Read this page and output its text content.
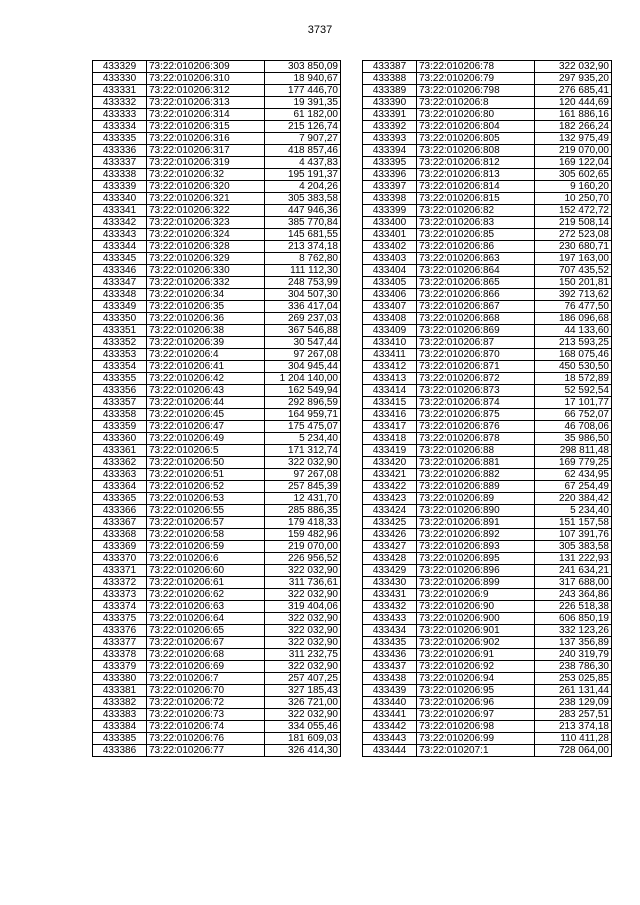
3737
433329	73:22:010206:309	303 850,09
433330	73:22:010206:310	18 940,67
433331	73:22:010206:312	177 446,70
433332	73:22:010206:313	19 391,35
433333	73:22:010206:314	61 182,00
433334	73:22:010206:315	215 126,74
433335	73:22:010206:316	7 907,27
433336	73:22:010206:317	418 857,46
433337	73:22:010206:319	4 437,83
433338	73:22:010206:32	195 191,37
433339	73:22:010206:320	4 204,26
433340	73:22:010206:321	305 383,58
433341	73:22:010206:322	447 946,36
433342	73:22:010206:323	385 770,84
433343	73:22:010206:324	145 681,55
433344	73:22:010206:328	213 374,18
433345	73:22:010206:329	8 762,80
433346	73:22:010206:330	111 112,30
433347	73:22:010206:332	248 753,99
433348	73:22:010206:34	304 507,30
433349	73:22:010206:35	336 417,04
433350	73:22:010206:36	269 237,03
433351	73:22:010206:38	367 546,88
433352	73:22:010206:39	30 547,44
433353	73:22:010206:4	97 267,08
433354	73:22:010206:41	304 945,44
433355	73:22:010206:42	1 204 140,00
433356	73:22:010206:43	162 549,94
433357	73:22:010206:44	292 896,59
433358	73:22:010206:45	164 959,71
433359	73:22:010206:47	175 475,07
433360	73:22:010206:49	5 234,40
433361	73:22:010206:5	171 312,74
433362	73:22:010206:50	322 032,90
433363	73:22:010206:51	97 267,08
433364	73:22:010206:52	257 845,39
433365	73:22:010206:53	12 431,70
433366	73:22:010206:55	285 886,35
433367	73:22:010206:57	179 418,33
433368	73:22:010206:58	159 482,96
433369	73:22:010206:59	219 070,00
433370	73:22:010206:6	226 956,52
433371	73:22:010206:60	322 032,90
433372	73:22:010206:61	311 736,61
433373	73:22:010206:62	322 032,90
433374	73:22:010206:63	319 404,06
433375	73:22:010206:64	322 032,90
433376	73:22:010206:65	322 032,90
433377	73:22:010206:67	322 032,90
433378	73:22:010206:68	311 232,75
433379	73:22:010206:69	322 032,90
433380	73:22:010206:7	257 407,25
433381	73:22:010206:70	327 185,43
433382	73:22:010206:72	326 721,00
433383	73:22:010206:73	322 032,90
433384	73:22:010206:74	334 055,46
433385	73:22:010206:76	181 609,03
433386	73:22:010206:77	326 414,30
433387	73:22:010206:78	322 032,90
433388	73:22:010206:79	297 935,20
433389	73:22:010206:798	276 685,41
433390	73:22:010206:8	120 444,69
433391	73:22:010206:80	161 886,16
433392	73:22:010206:804	182 266,24
433393	73:22:010206:805	132 975,49
433394	73:22:010206:808	219 070,00
433395	73:22:010206:812	169 122,04
433396	73:22:010206:813	305 602,65
433397	73:22:010206:814	9 160,20
433398	73:22:010206:815	10 250,70
433399	73:22:010206:82	152 472,72
433400	73:22:010206:83	219 508,14
433401	73:22:010206:85	272 523,08
433402	73:22:010206:86	230 680,71
433403	73:22:010206:863	197 163,00
433404	73:22:010206:864	707 435,52
433405	73:22:010206:865	150 201,81
433406	73:22:010206:866	392 713,62
433407	73:22:010206:867	76 477,50
433408	73:22:010206:868	186 096,68
433409	73:22:010206:869	44 133,60
433410	73:22:010206:87	213 593,25
433411	73:22:010206:870	168 075,46
433412	73:22:010206:871	450 530,50
433413	73:22:010206:872	18 572,89
433414	73:22:010206:873	52 592,54
433415	73:22:010206:874	17 101,77
433416	73:22:010206:875	66 752,07
433417	73:22:010206:876	46 708,06
433418	73:22:010206:878	35 986,50
433419	73:22:010206:88	298 811,48
433420	73:22:010206:881	169 779,25
433421	73:22:010206:882	62 434,95
433422	73:22:010206:889	67 254,49
433423	73:22:010206:89	220 384,42
433424	73:22:010206:890	5 234,40
433425	73:22:010206:891	151 157,58
433426	73:22:010206:892	107 391,76
433427	73:22:010206:893	305 383,58
433428	73:22:010206:895	131 222,93
433429	73:22:010206:896	241 634,21
433430	73:22:010206:899	317 688,00
433431	73:22:010206:9	243 364,86
433432	73:22:010206:90	226 518,38
433433	73:22:010206:900	606 850,19
433434	73:22:010206:901	332 123,26
433435	73:22:010206:902	137 356,89
433436	73:22:010206:91	240 319,79
433437	73:22:010206:92	238 786,30
433438	73:22:010206:94	253 025,85
433439	73:22:010206:95	261 131,44
433440	73:22:010206:96	238 129,09
433441	73:22:010206:97	283 257,51
433442	73:22:010206:98	213 374,18
433443	73:22:010206:99	110 411,28
433444	73:22:010207:1	728 064,00
